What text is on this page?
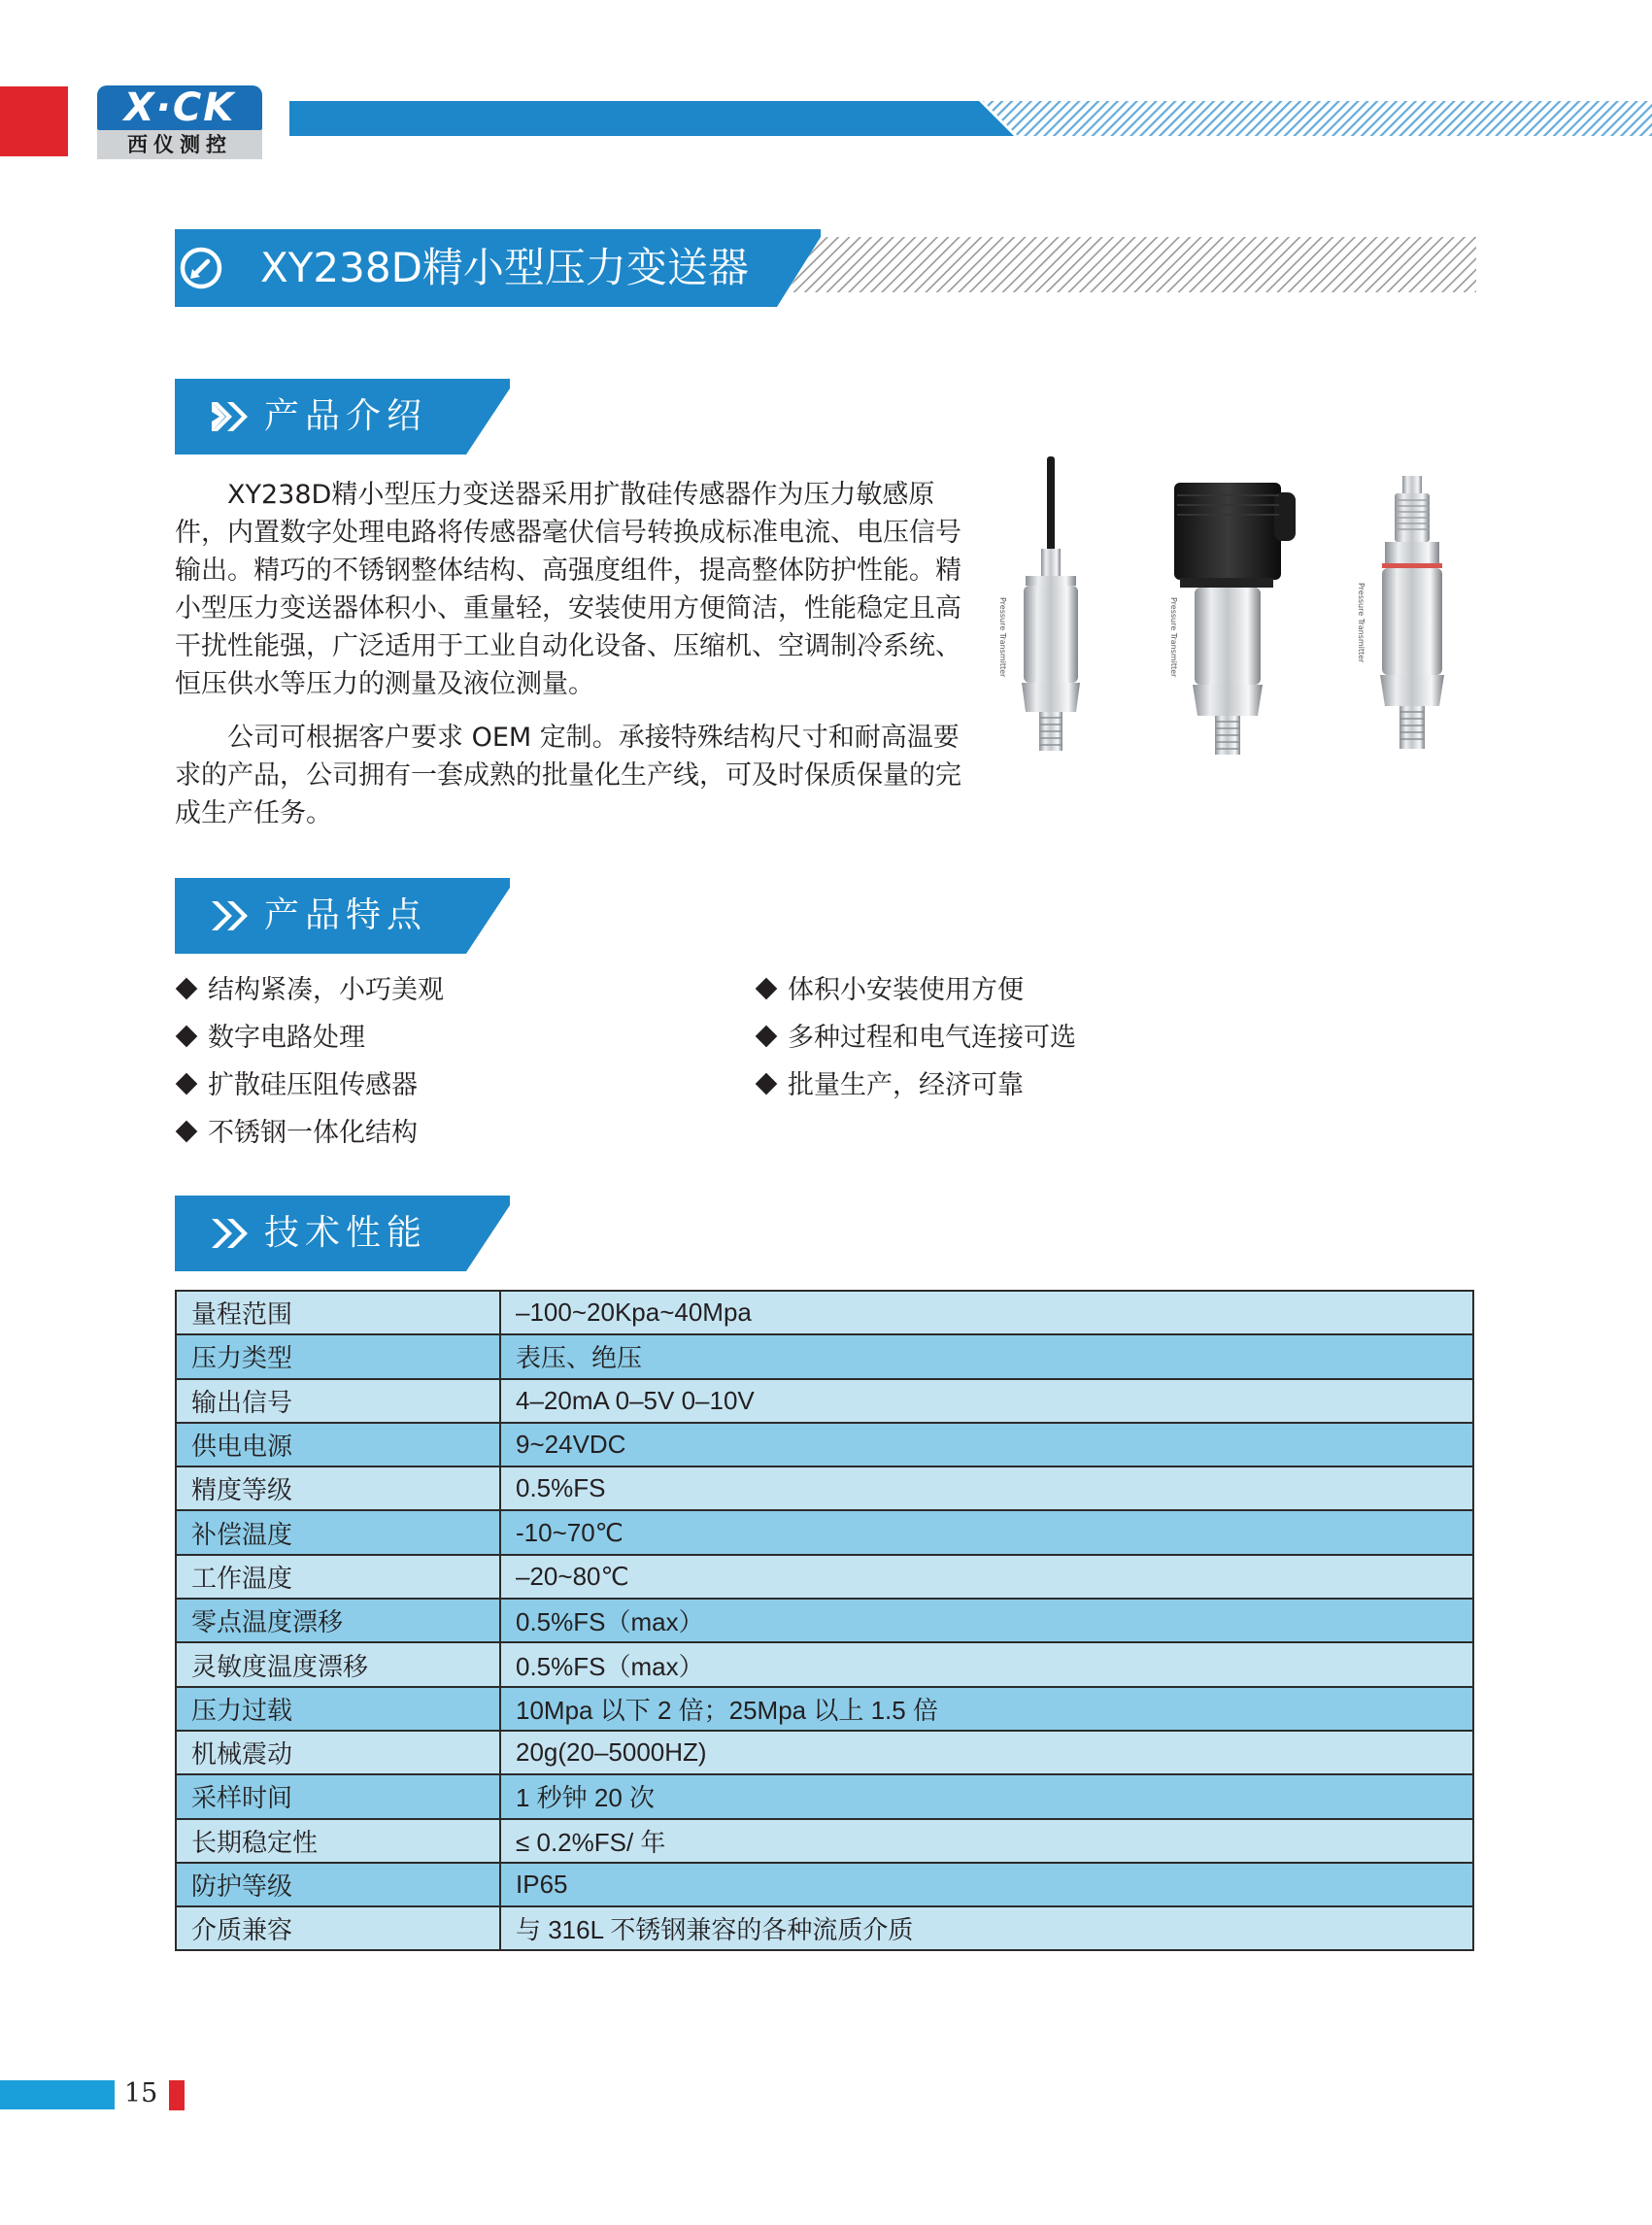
X·CK
西仪测控
XY238D精小型压力变送器
产品介绍

XY238D精小型压力变送器采用扩散硅传感器作为压力敏感原件，内置数字处理电路将传感器毫伏信号转换成标准电流、电压信号输出。精巧的不锈钢整体结构、高强度组件，提高整体防护性能。精小型压力变送器体积小、重量轻，安装使用方便简洁，性能稳定且高干扰性能强，广泛适用于工业自动化设备、压缩机、空调制冷系统、恒压供水等压力的测量及液位测量。

公司可根据客户要求 OEM 定制。承接特殊结构尺寸和耐高温要求的产品，公司拥有一套成熟的批量化生产线，可及时保质保量的完成生产任务。

Pressure Transmitter	Pressure Transmitter	Pressure Transmitter
产品特点
结构紧凑，小巧美观
数字电路处理
扩散硅压阻传感器
不锈钢一体化结构
体积小安装使用方便
多种过程和电气连接可选
批量生产，经济可靠
技术性能
量程范围	–100~20Kpa~40Mpa
压力类型	表压、绝压
输出信号	4–20mA 0–5V 0–10V
供电电源	9~24VDC
精度等级	0.5%FS
补偿温度	-10~70℃
工作温度	–20~80℃
零点温度漂移	0.5%FS（max）
灵敏度温度漂移	0.5%FS（max）
压力过载	10Mpa 以下 2 倍；25Mpa 以上 1.5 倍
机械震动	20g(20–5000HZ)
采样时间	1 秒钟 20 次
长期稳定性	≤ 0.2%FS/ 年
防护等级	IP65
介质兼容	与 316L 不锈钢兼容的各种流质介质
15
